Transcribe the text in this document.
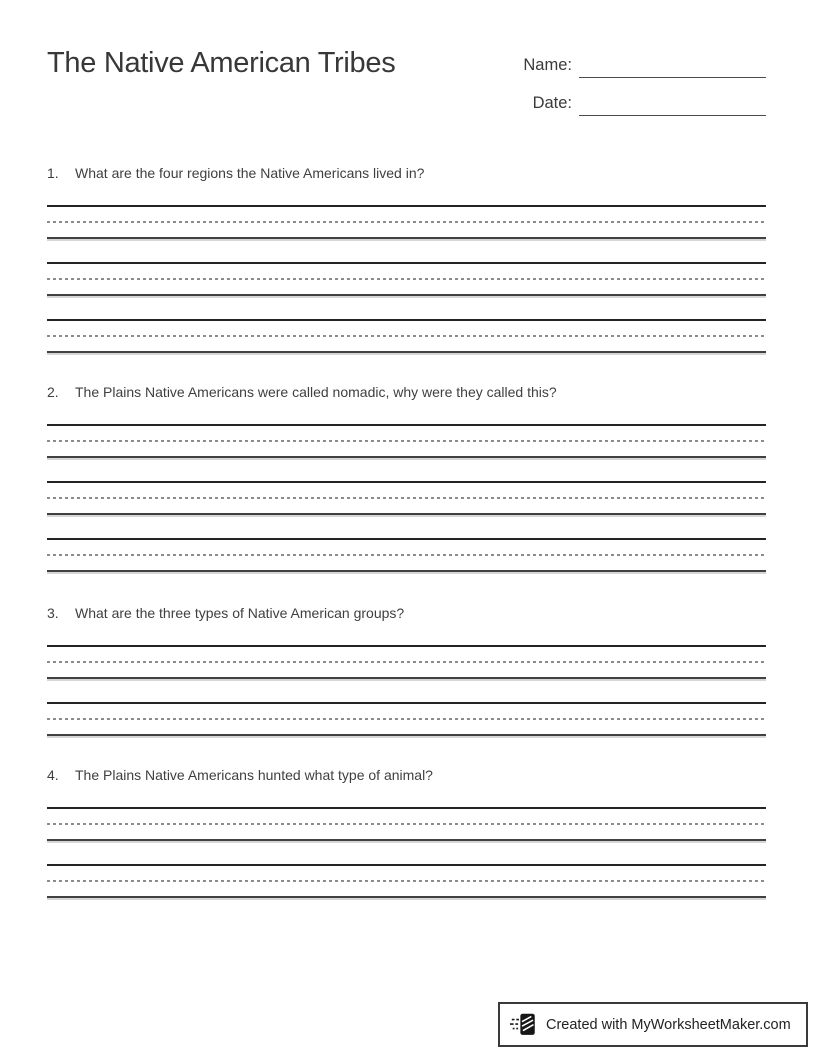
The Native American Tribes	Name:
Date:
1.	What are the four regions the Native Americans lived in?
2.	The Plains Native Americans were called nomadic, why were they called this?
3.	What are the three types of Native American groups?
4.	The Plains Native Americans hunted what type of animal?
Created with MyWorksheetMaker.com
